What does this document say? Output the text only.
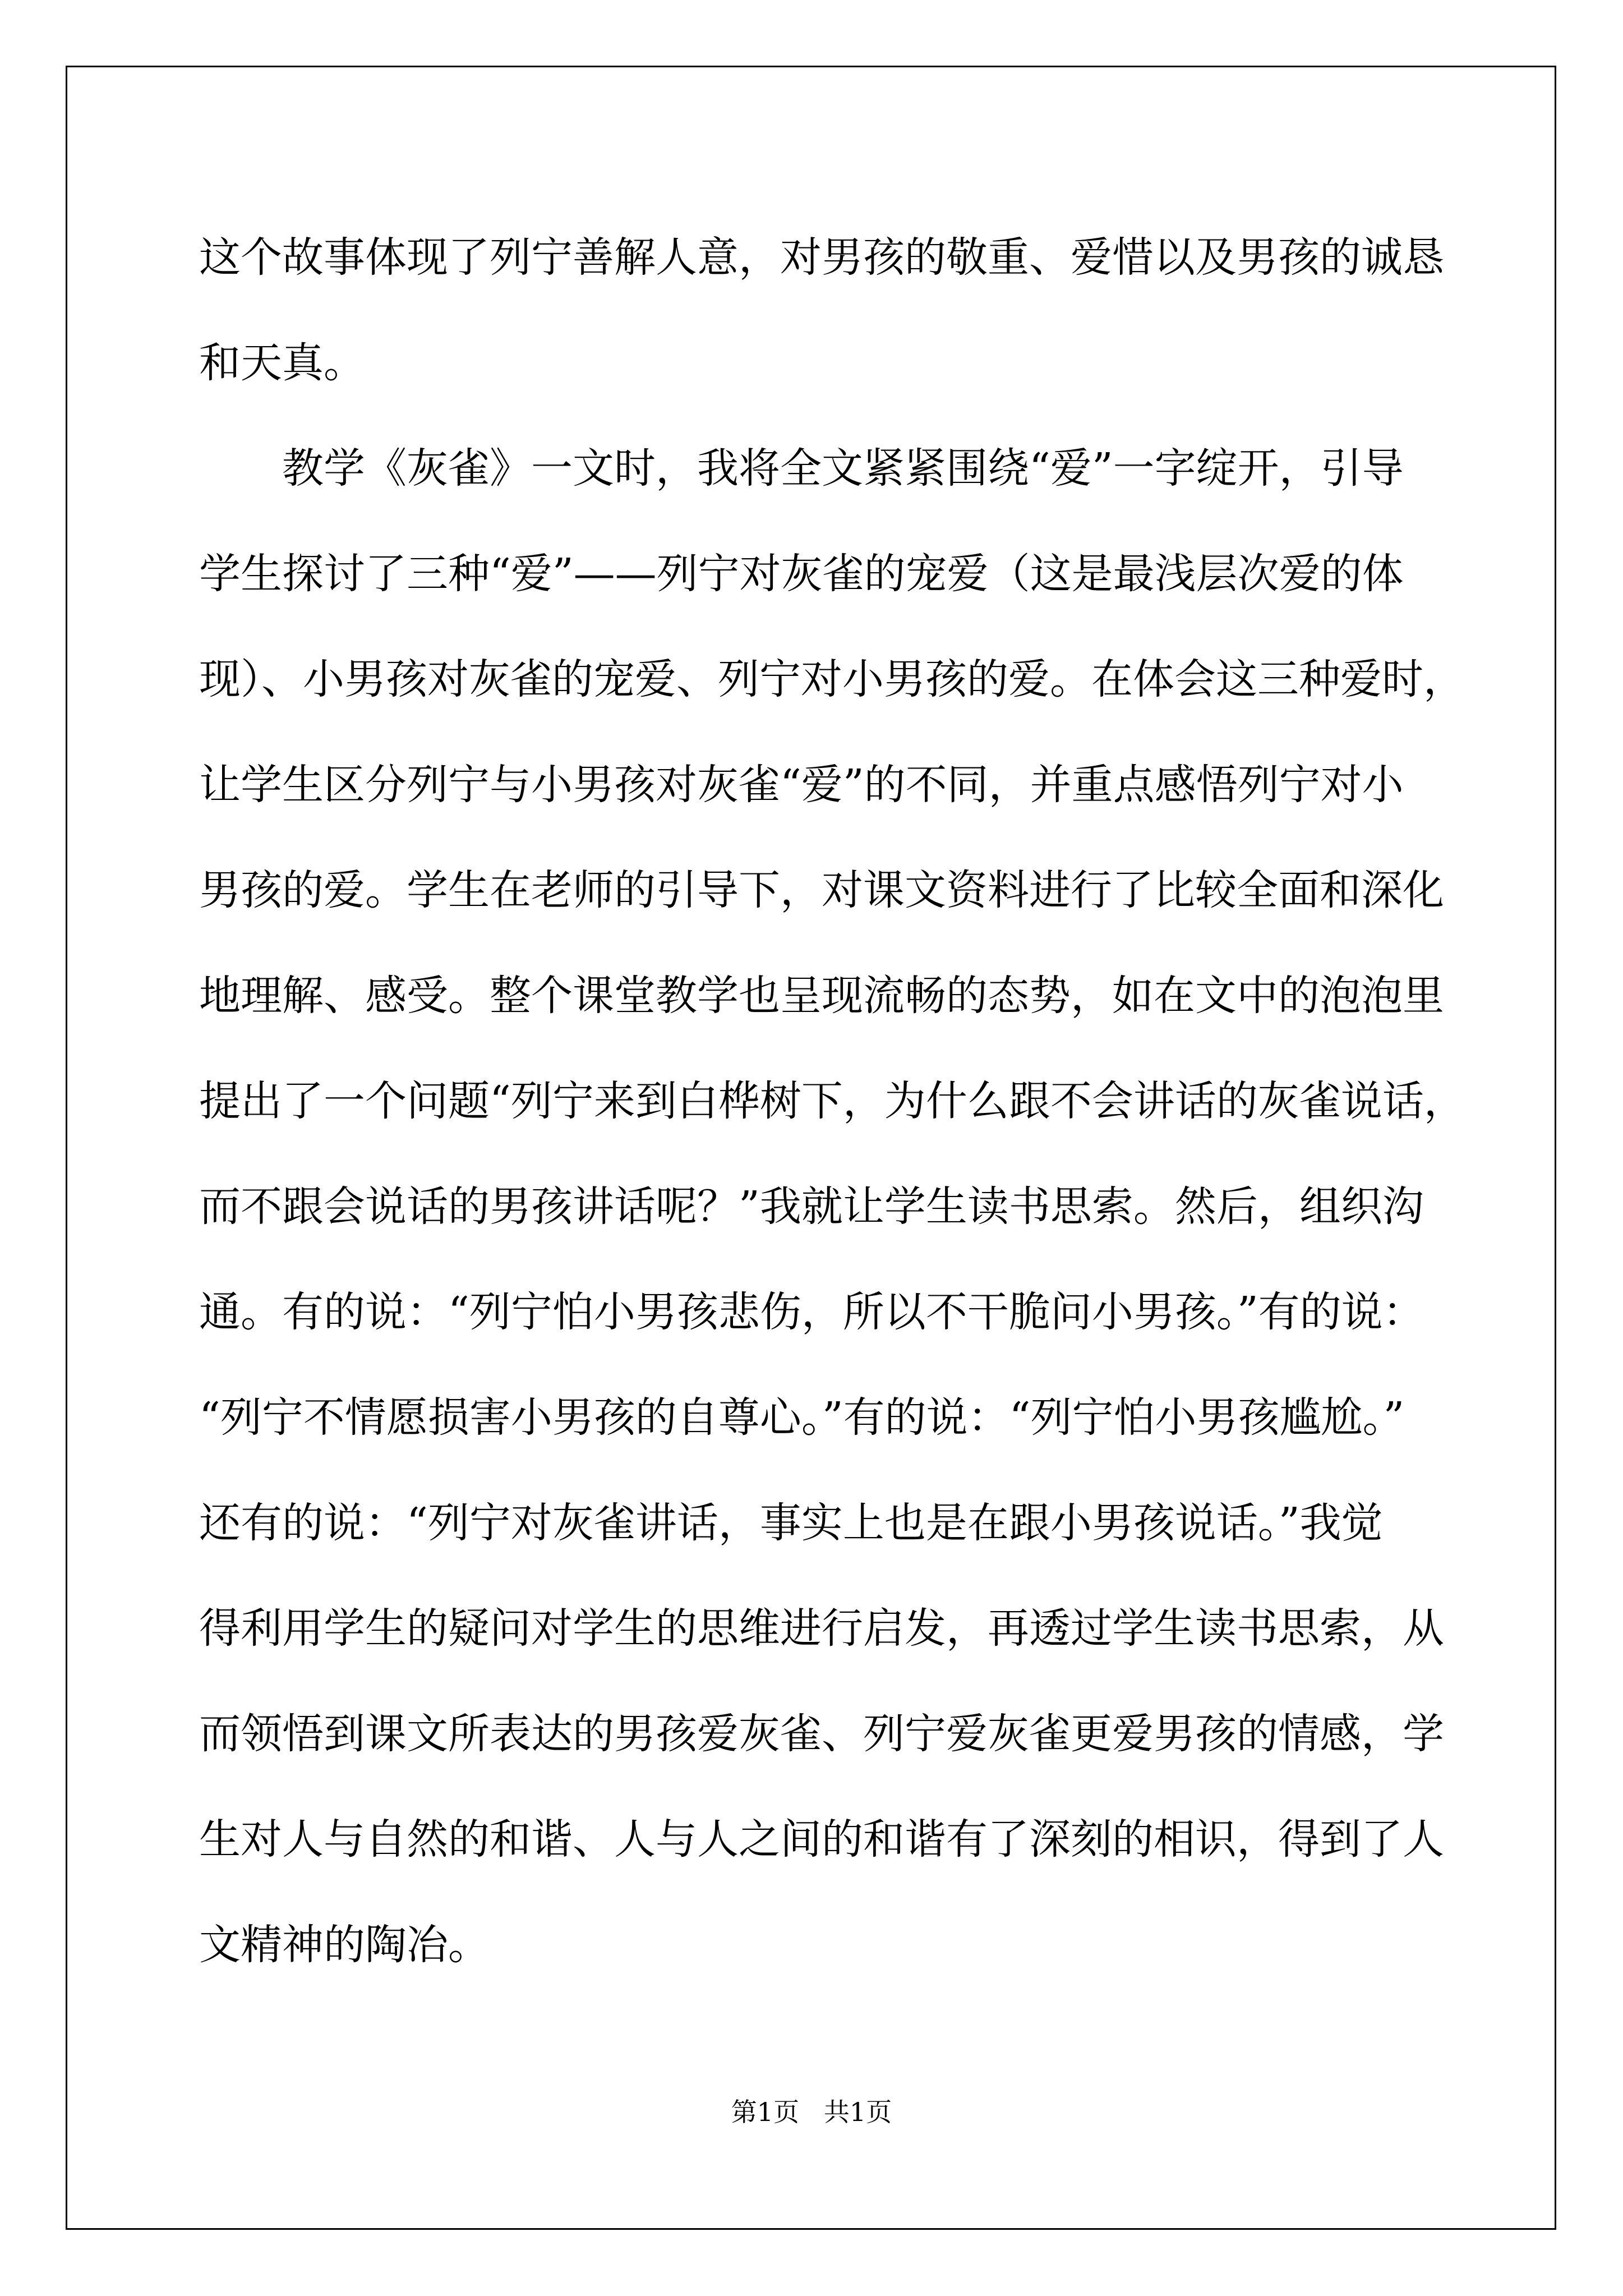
这个故事体现了列宁善解人意，对男孩的敬重、爱惜以及男孩的诚恳
和天真。
教学《灰雀》一文时，我将全文紧紧围绕“爱”一字绽开，引导
学生探讨了三种“爱”——列宁对灰雀的宠爱（这是最浅层次爱的体
现）、小男孩对灰雀的宠爱、列宁对小男孩的爱。在体会这三种爱时，
让学生区分列宁与小男孩对灰雀“爱”的不同，并重点感悟列宁对小
男孩的爱。学生在老师的引导下，对课文资料进行了比较全面和深化
地理解、感受。整个课堂教学也呈现流畅的态势，如在文中的泡泡里
提出了一个问题“列宁来到白桦树下，为什么跟不会讲话的灰雀说话，
而不跟会说话的男孩讲话呢？”我就让学生读书思索。然后，组织沟
通。有的说：“列宁怕小男孩悲伤，所以不干脆问小男孩。”有的说：
“列宁不情愿损害小男孩的自尊心。”有的说：“列宁怕小男孩尴尬。”
还有的说：“列宁对灰雀讲话，事实上也是在跟小男孩说话。”我觉
得利用学生的疑问对学生的思维进行启发，再透过学生读书思索，从
而领悟到课文所表达的男孩爱灰雀、列宁爱灰雀更爱男孩的情感，学
生对人与自然的和谐、人与人之间的和谐有了深刻的相识，得到了人
文精神的陶冶。
第1页   共1页
